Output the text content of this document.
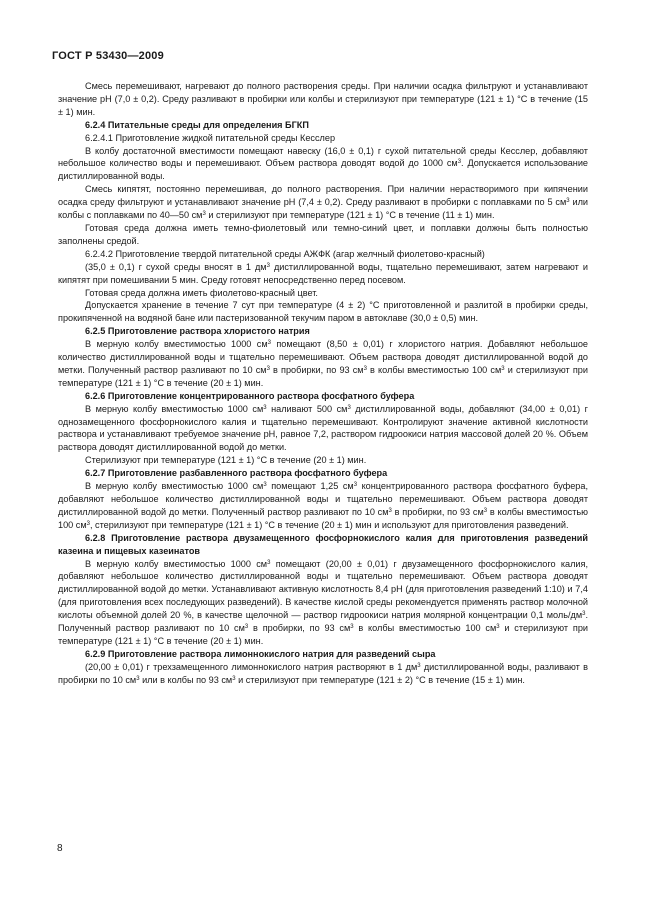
ГОСТ Р 53430—2009

Смесь перемешивают, нагревают до полного растворения среды. При наличии осадка фильтруют и устанавливают значение pH (7,0 ± 0,2). Среду разливают в пробирки или колбы и стерилизуют при температуре (121 ± 1) °С в течение (15 ± 1) мин.

6.2.4 Питательные среды для определения БГКП

6.2.4.1 Приготовление жидкой питательной среды Кесслер

В колбу достаточной вместимости помещают навеску (16,0 ± 0,1) г сухой питательной среды Кесслер, добавляют небольшое количество воды и перемешивают. Объем раствора доводят водой до 1000 $см^3$. Допускается использование дистиллированной воды.

Смесь кипятят, постоянно перемешивая, до полного растворения. При наличии нерастворимого при кипячении осадка среду фильтруют и устанавливают значение pH (7,4 ± 0,2). Среду разливают в пробирки с поплавками по 5 $см^3$ или колбы с поплавками по 40—50 $см^3$ и стерилизуют при температуре (121 ± 1) °С в течение (11 ± 1) мин.

Готовая среда должна иметь темно-фиолетовый или темно-синий цвет, и поплавки должны быть полностью заполнены средой.

6.2.4.2 Приготовление твердой питательной среды АЖФК (агар желчный фиолетово-красный)

(35,0 ± 0,1) г сухой среды вносят в 1 $дм^3$ дистиллированной воды, тщательно перемешивают, затем нагревают и кипятят при помешивании 5 мин. Среду готовят непосредственно перед посевом.

Готовая среда должна иметь фиолетово-красный цвет.

Допускается хранение в течение 7 сут при температуре (4 ± 2) °С приготовленной и разлитой в пробирки среды, прокипяченной на водяной бане или пастеризованной текучим паром в автоклаве (30,0 ± 0,5) мин.

6.2.5 Приготовление раствора хлористого натрия

В мерную колбу вместимостью 1000 $см^3$ помещают (8,50 ± 0,01) г хлористого натрия. Добавляют небольшое количество дистиллированной воды и тщательно перемешивают. Объем раствора доводят дистиллированной водой до метки. Полученный раствор разливают по 10 $см^3$ в пробирки, по 93 $см^3$ в колбы вместимостью 100 $см^3$ и стерилизуют при температуре (121 ± 1) °С в течение (20 ± 1) мин.

6.2.6 Приготовление концентрированного раствора фосфатного буфера

В мерную колбу вместимостью 1000 $см^3$ наливают 500 $см^3$ дистиллированной воды, добавляют (34,00 ± 0,01) г однозамещенного фосфорнокислого калия и тщательно перемешивают. Контролируют значение активной кислотности раствора и устанавливают требуемое значение pH, равное 7,2, раствором гидроокиси натрия массовой долей 20 %. Объем раствора доводят дистиллированной водой до метки.

Стерилизуют при температуре (121 ± 1) °С в течение (20 ± 1) мин.

6.2.7 Приготовление разбавленного раствора фосфатного буфера

В мерную колбу вместимостью 1000 $см^3$ помещают 1,25 $см^3$ концентрированного раствора фосфатного буфера, добавляют небольшое количество дистиллированной воды и тщательно перемешивают. Объем раствора доводят дистиллированной водой до метки. Полученный раствор разливают по 10 $см^3$ в пробирки, по 93 $см^3$ в колбы вместимостью 100 $см^3$, стерилизуют при температуре (121 ± 1) °С в течение (20 ± 1) мин и используют для приготовления разведений.

6.2.8 Приготовление раствора двузамещенного фосфорнокислого калия для приготовления разведений казеина и пищевых казеинатов

В мерную колбу вместимостью 1000 $см^3$ помещают (20,00 ± 0,01) г двузамещенного фосфорнокислого калия, добавляют небольшое количество дистиллированной воды и тщательно перемешивают. Объем раствора доводят дистиллированной водой до метки. Устанавливают активную кислотность 8,4 pH (для приготовления разведений 1:10) и 7,4 (для приготовления всех последующих разведений). В качестве кислой среды рекомендуется применять раствор молочной кислоты объемной долей 20 %, в качестве щелочной — раствор гидроокиси натрия молярной концентрации 0,1 моль/$дм^3$. Полученный раствор разливают по 10 $см^3$ в пробирки, по 93 $см^3$ в колбы вместимостью 100 $см^3$ и стерилизуют при температуре (121 ± 1) °С в течение (20 ± 1) мин.

6.2.9 Приготовление раствора лимоннокислого натрия для разведений сыра

(20,00 ± 0,01) г трехзамещенного лимоннокислого натрия растворяют в 1 $дм^3$ дистиллированной воды, разливают в пробирки по 10 $см^3$ или в колбы по 93 $см^3$ и стерилизуют при температуре (121 ± 2) °С в течение (15 ± 1) мин.

8
